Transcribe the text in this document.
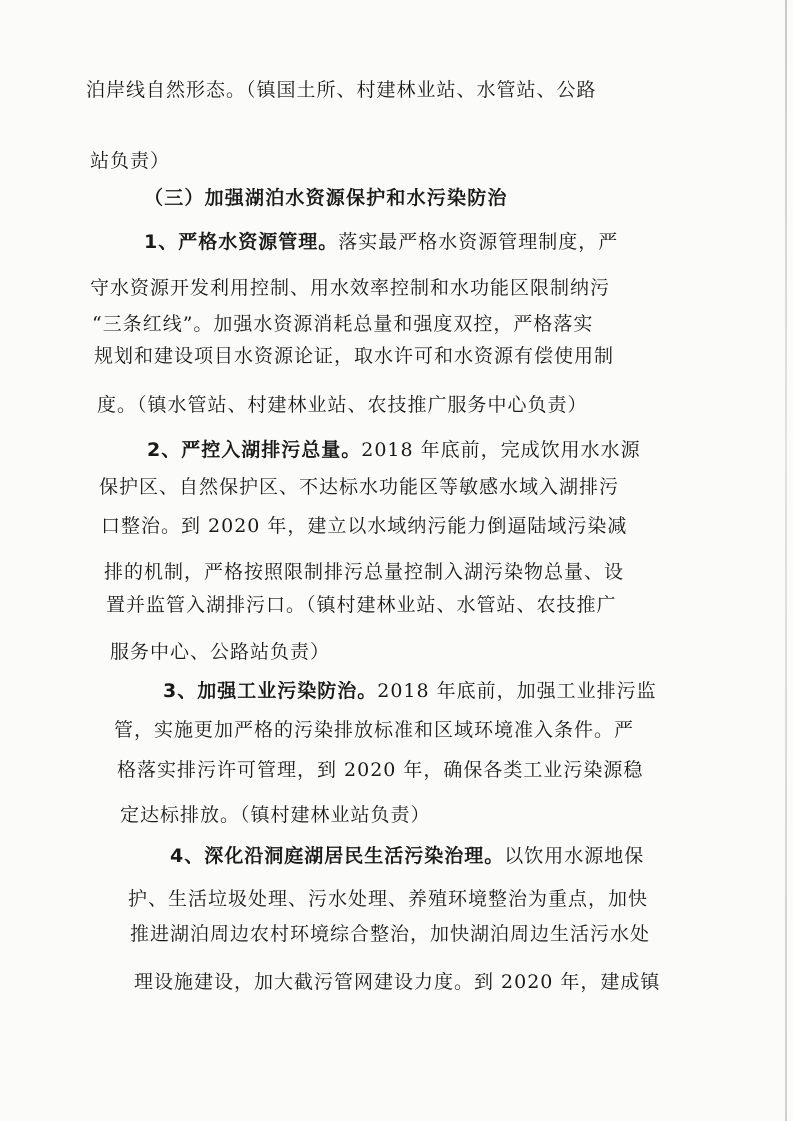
泊岸线自然形态。（镇国土所、村建林业站、水管站、公路
站负责）
（三）加强湖泊水资源保护和水污染防治
1、严格水资源管理。落实最严格水资源管理制度，严
守水资源开发利用控制、用水效率控制和水功能区限制纳污
“三条红线”。加强水资源消耗总量和强度双控，严格落实
规划和建设项目水资源论证，取水许可和水资源有偿使用制
度。（镇水管站、村建林业站、农技推广服务中心负责）
2、严控入湖排污总量。2018 年底前，完成饮用水水源
保护区、自然保护区、不达标水功能区等敏感水域入湖排污
口整治。到 2020 年，建立以水域纳污能力倒逼陆域污染减
排的机制，严格按照限制排污总量控制入湖污染物总量、设
置并监管入湖排污口。（镇村建林业站、水管站、农技推广
服务中心、公路站负责）
3、加强工业污染防治。2018 年底前，加强工业排污监
管，实施更加严格的污染排放标准和区域环境准入条件。严
格落实排污许可管理，到 2020 年，确保各类工业污染源稳
定达标排放。（镇村建林业站负责）
4、深化沿洞庭湖居民生活污染治理。以饮用水源地保
护、生活垃圾处理、污水处理、养殖环境整治为重点，加快
推进湖泊周边农村环境综合整治，加快湖泊周边生活污水处
理设施建设，加大截污管网建设力度。到 2020 年，建成镇
